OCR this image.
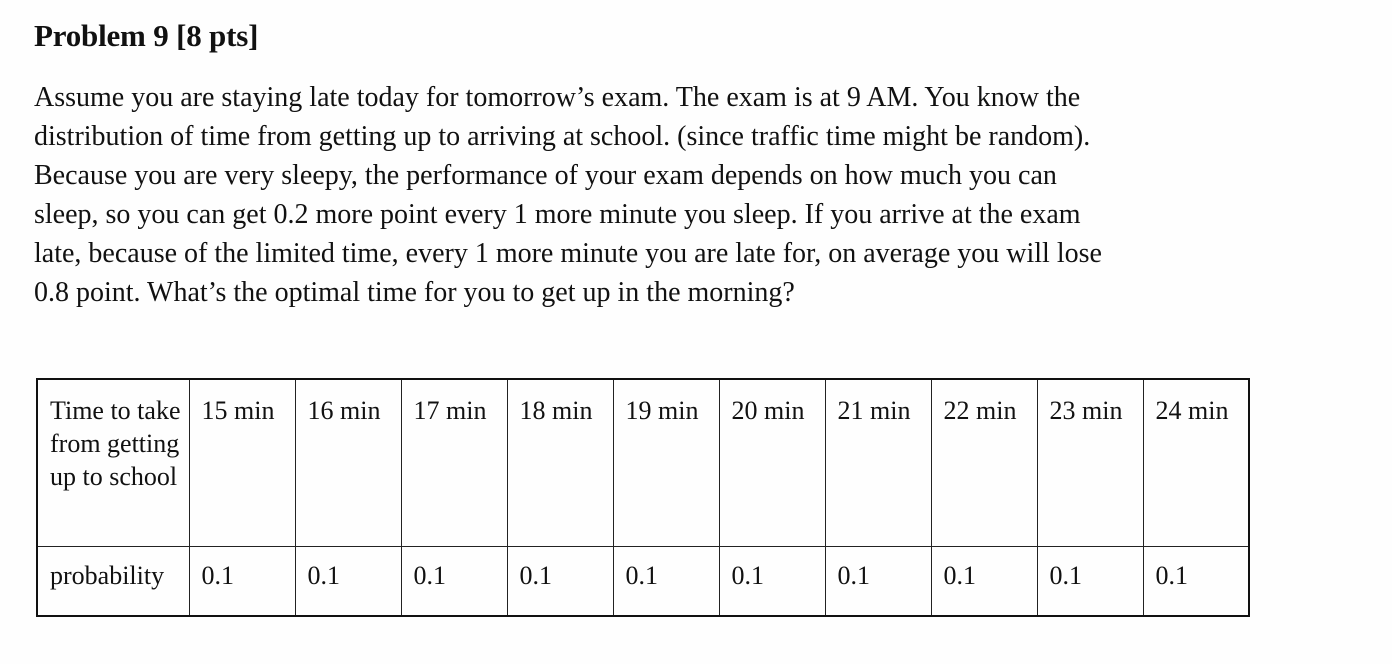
Problem 9 [8 pts]

Assume you are staying late today for tomorrow’s exam. The exam is at 9 AM. You know the
distribution of time from getting up to arriving at school. (since traffic time might be random).
Because you are very sleepy, the performance of your exam depends on how much you can
sleep, so you can get 0.2 more point every 1 more minute you sleep. If you arrive at the exam
late, because of the limited time, every 1 more minute you are late for, on average you will lose
0.8 point. What’s the optimal time for you to get up in the morning?

Time to take from getting up to school	15 min	16 min	17 min	18 min	19 min	20 min	21 min	22 min	23 min	24 min
probability	0.1	0.1	0.1	0.1	0.1	0.1	0.1	0.1	0.1	0.1
